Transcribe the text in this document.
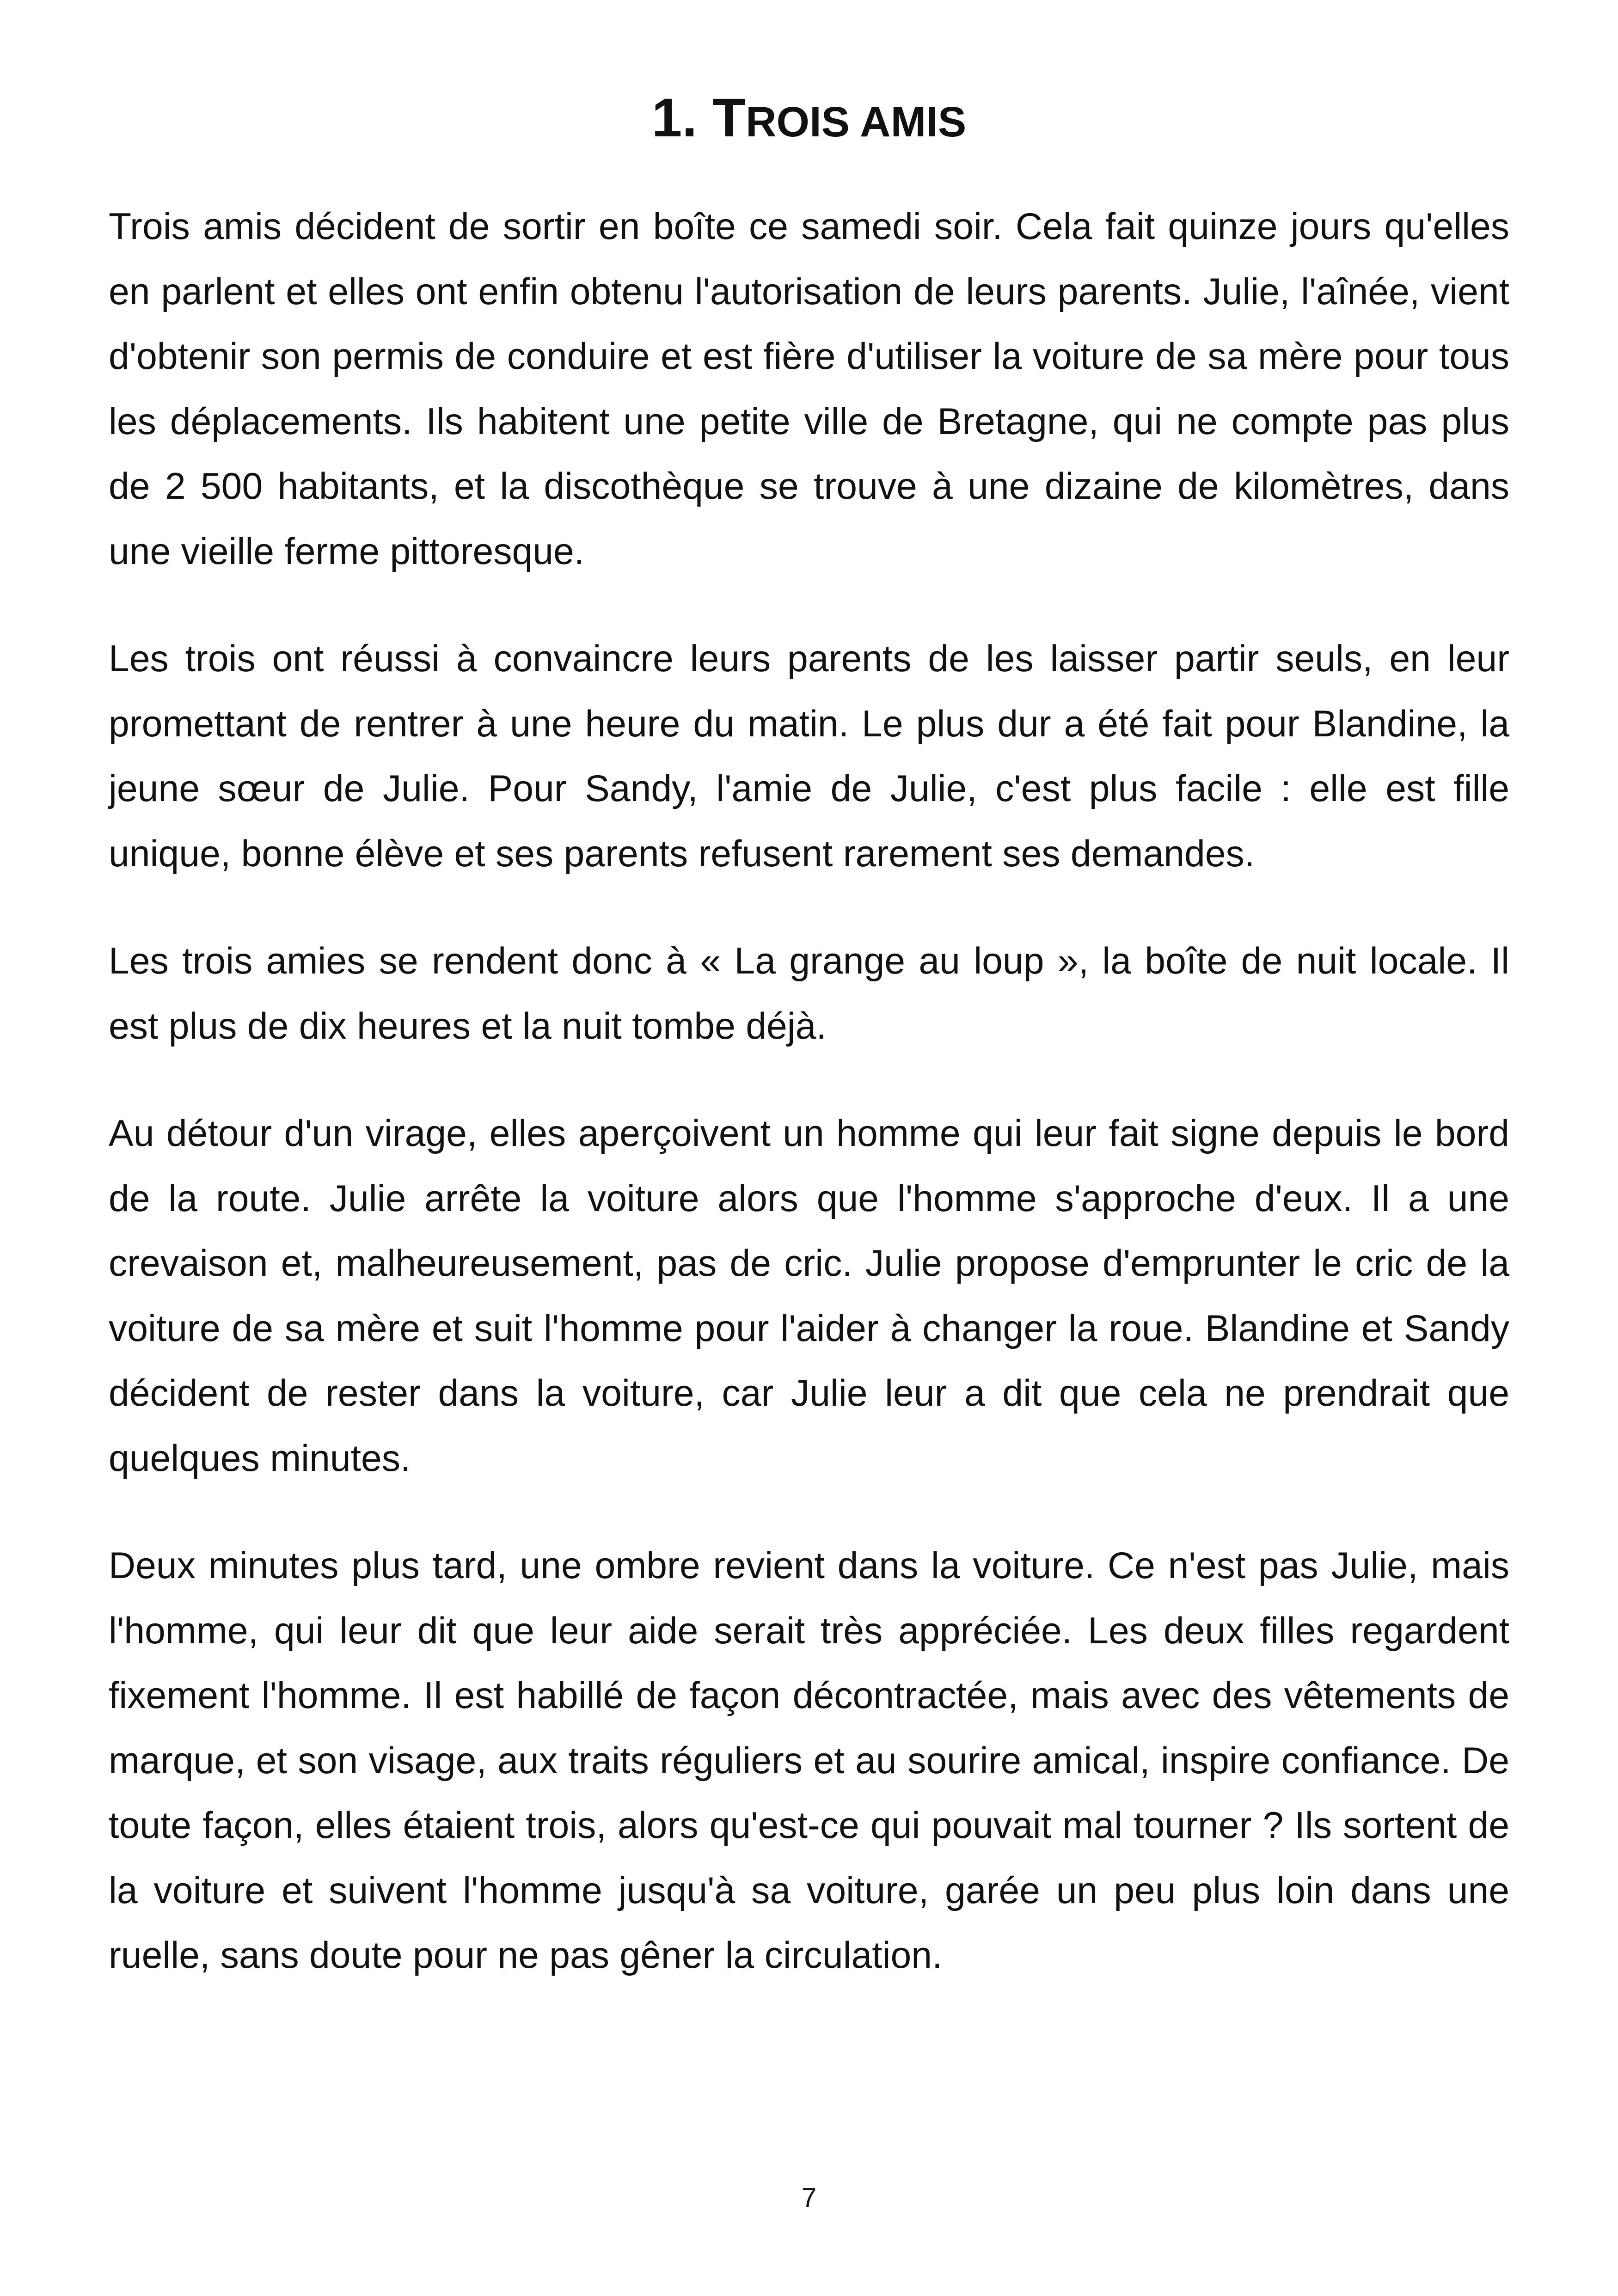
1. TROIS AMIS

Trois amis décident de sortir en boîte ce samedi soir. Cela fait quinze jours qu'elles en parlent et elles ont enfin obtenu l'autorisation de leurs parents. Julie, l'aînée, vient d'obtenir son permis de conduire et est fière d'utiliser la voiture de sa mère pour tous les déplacements. Ils habitent une petite ville de Bretagne, qui ne compte pas plus de 2 500 habitants, et la discothèque se trouve à une dizaine de kilomètres, dans une vieille ferme pittoresque.

Les trois ont réussi à convaincre leurs parents de les laisser partir seuls, en leur promettant de rentrer à une heure du matin. Le plus dur a été fait pour Blandine, la jeune sœur de Julie. Pour Sandy, l'amie de Julie, c'est plus facile : elle est fille unique, bonne élève et ses parents refusent rarement ses demandes.

Les trois amies se rendent donc à « La grange au loup », la boîte de nuit locale. Il est plus de dix heures et la nuit tombe déjà.

Au détour d'un virage, elles aperçoivent un homme qui leur fait signe depuis le bord de la route. Julie arrête la voiture alors que l'homme s'approche d'eux. Il a une crevaison et, malheureusement, pas de cric. Julie propose d'emprunter le cric de la voiture de sa mère et suit l'homme pour l'aider à changer la roue. Blandine et Sandy décident de rester dans la voiture, car Julie leur a dit que cela ne prendrait que quelques minutes.

Deux minutes plus tard, une ombre revient dans la voiture. Ce n'est pas Julie, mais l'homme, qui leur dit que leur aide serait très appréciée. Les deux filles regardent fixement l'homme. Il est habillé de façon décontractée, mais avec des vêtements de marque, et son visage, aux traits réguliers et au sourire amical, inspire confiance. De toute façon, elles étaient trois, alors qu'est-ce qui pouvait mal tourner ? Ils sortent de la voiture et suivent l'homme jusqu'à sa voiture, garée un peu plus loin dans une ruelle, sans doute pour ne pas gêner la circulation.

7
